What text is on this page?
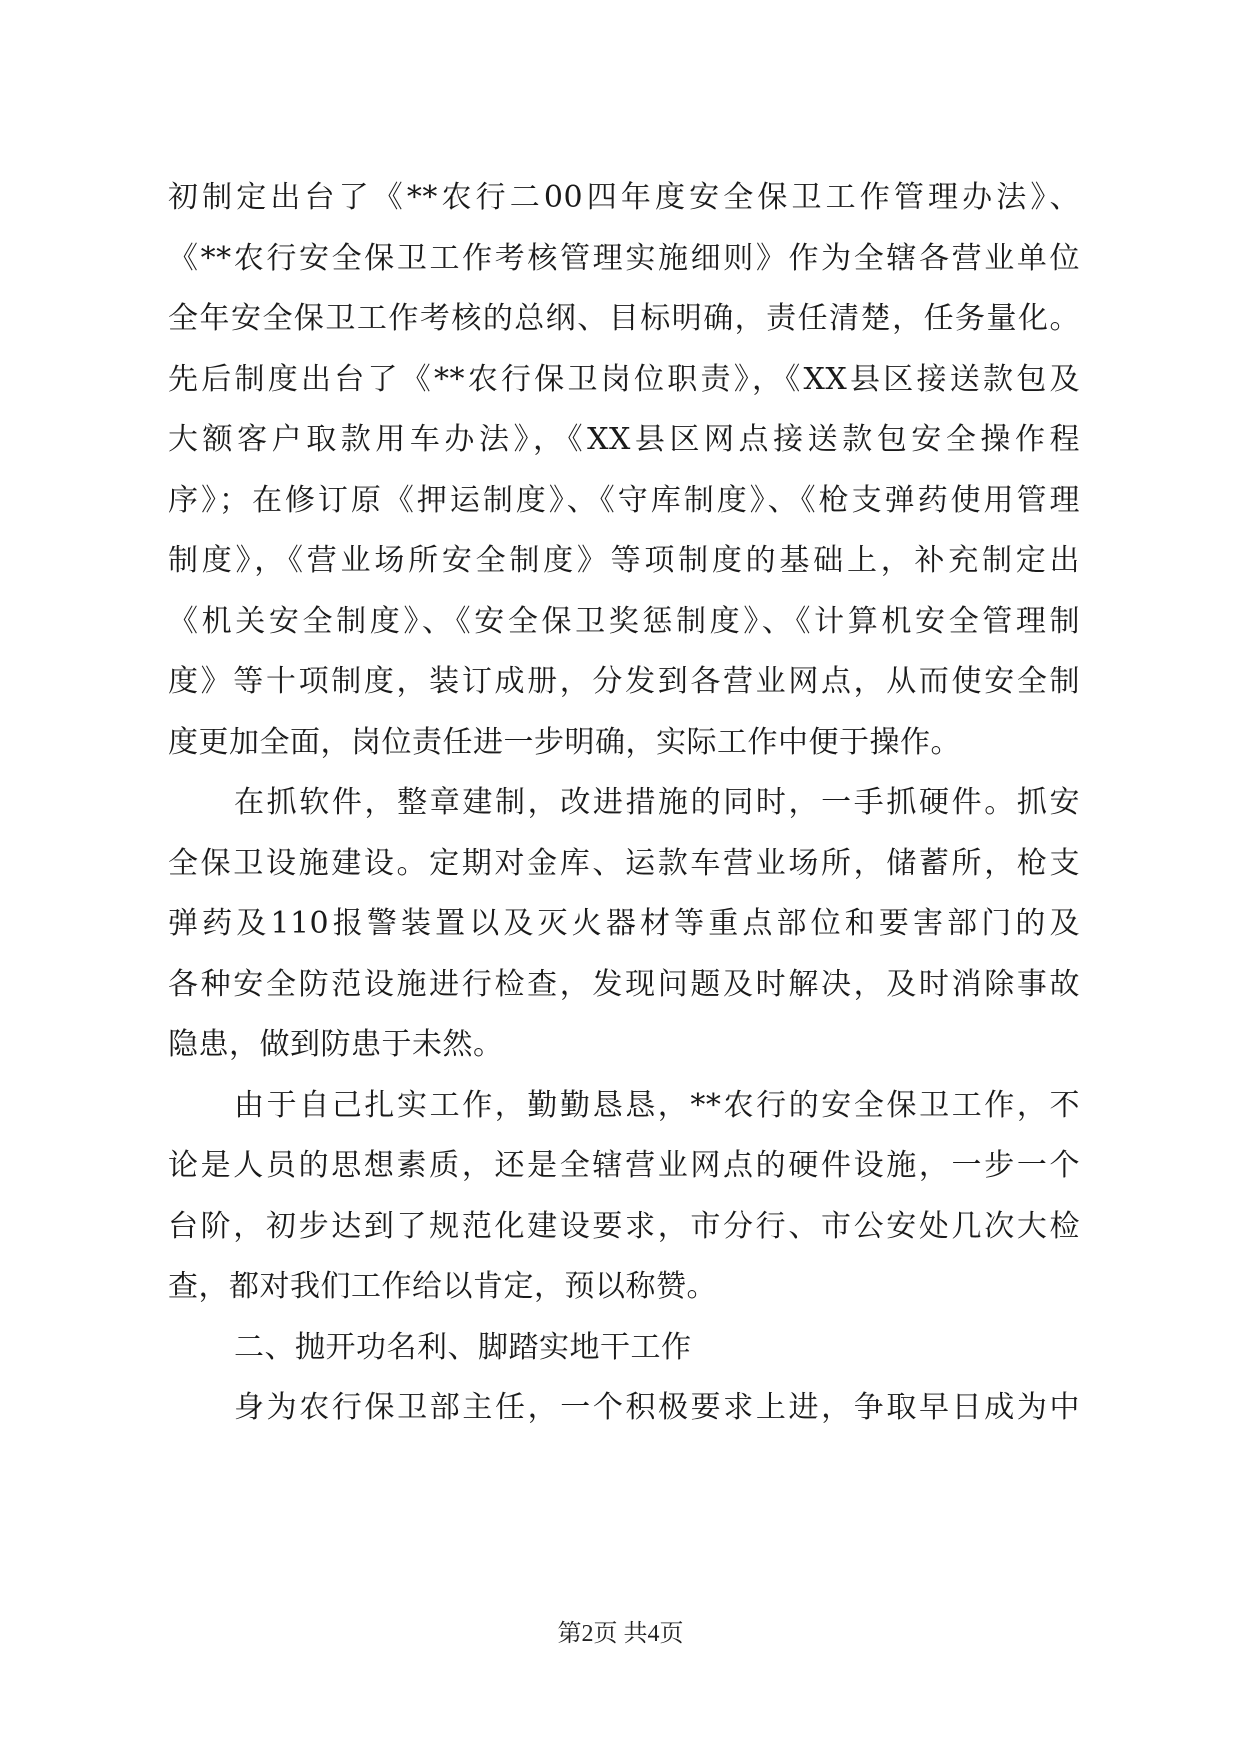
初制定出台了《**农行二00四年度安全保卫工作管理办法》、
《**农行安全保卫工作考核管理实施细则》作为全辖各营业单位
全年安全保卫工作考核的总纲、目标明确，责任清楚，任务量化。
先后制度出台了《**农行保卫岗位职责》，《XX县区接送款包及
大额客户取款用车办法》，《XX县区网点接送款包安全操作程
序》；在修订原《押运制度》、《守库制度》、《枪支弹药使用管理
制度》，《营业场所安全制度》等项制度的基础上，补充制定出
《机关安全制度》、《安全保卫奖惩制度》、《计算机安全管理制
度》等十项制度，装订成册，分发到各营业网点，从而使安全制
度更加全面，岗位责任进一步明确，实际工作中便于操作。
在抓软件，整章建制，改进措施的同时，一手抓硬件。抓安
全保卫设施建设。定期对金库、运款车营业场所，储蓄所，枪支
弹药及110报警装置以及灭火器材等重点部位和要害部门的及
各种安全防范设施进行检查，发现问题及时解决，及时消除事故
隐患，做到防患于未然。
由于自己扎实工作，勤勤恳恳，**农行的安全保卫工作，不
论是人员的思想素质，还是全辖营业网点的硬件设施，一步一个
台阶，初步达到了规范化建设要求，市分行、市公安处几次大检
查，都对我们工作给以肯定，预以称赞。
二、抛开功名利、脚踏实地干工作
身为农行保卫部主任，一个积极要求上进，争取早日成为中
第2页 共4页
